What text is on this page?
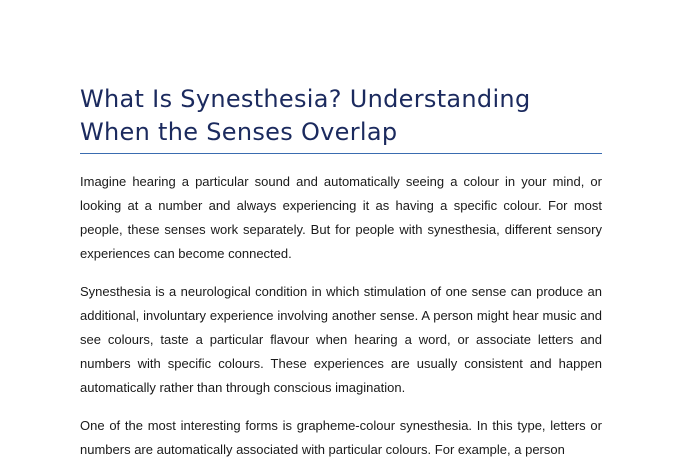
What Is Synesthesia? Understanding When the Senses Overlap

Imagine hearing a particular sound and automatically seeing a colour in your mind, or looking at a number and always experiencing it as having a specific colour. For most people, these senses work separately. But for people with synesthesia, different sensory experiences can become connected.

Synesthesia is a neurological condition in which stimulation of one sense can produce an additional, involuntary experience involving another sense. A person might hear music and see colours, taste a particular flavour when hearing a word, or associate letters and numbers with specific colours. These experiences are usually consistent and happen automatically rather than through conscious imagination.

One of the most interesting forms is grapheme-colour synesthesia. In this type, letters or numbers are automatically associated with particular colours. For example, a person
